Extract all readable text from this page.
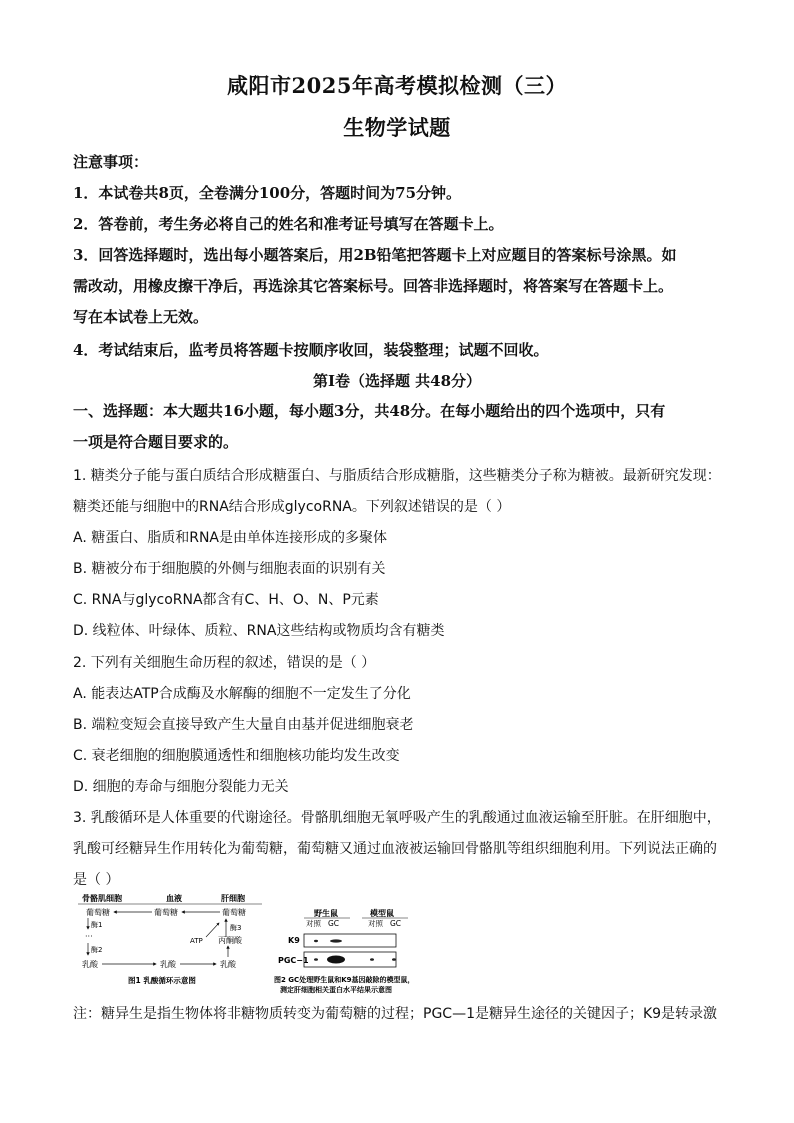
咸阳市2025年高考模拟检测（三）
生物学试题
注意事项：
1．本试卷共8页，全卷满分100分，答题时间为75分钟。
2．答卷前，考生务必将自己的姓名和准考证号填写在答题卡上。
3．回答选择题时，选出每小题答案后，用2B铅笔把答题卡上对应题目的答案标号涂黑。如
需改动，用橡皮擦干净后，再选涂其它答案标号。回答非选择题时，将答案写在答题卡上。
写在本试卷上无效。
4．考试结束后，监考员将答题卡按顺序收回，装袋整理；试题不回收。
第Ⅰ卷（选择题 共48分）
一、选择题：本大题共16小题，每小题3分，共48分。在每小题给出的四个选项中，只有
一项是符合题目要求的。
1. 糖类分子能与蛋白质结合形成糖蛋白、与脂质结合形成糖脂，这些糖类分子称为糖被。最新研究发现：
糖类还能与细胞中的RNA结合形成glycoRNA。下列叙述错误的是（ ）
A. 糖蛋白、脂质和RNA是由单体连接形成的多聚体
B. 糖被分布于细胞膜的外侧与细胞表面的识别有关
C. RNA与glycoRNA都含有C、H、O、N、P元素
D. 线粒体、叶绿体、质粒、RNA这些结构或物质均含有糖类
2. 下列有关细胞生命历程的叙述，错误的是（ ）
A. 能表达ATP合成酶及水解酶的细胞不一定发生了分化
B. 端粒变短会直接导致产生大量自由基并促进细胞衰老
C. 衰老细胞的细胞膜通透性和细胞核功能均发生改变
D. 细胞的寿命与细胞分裂能力无关
3. 乳酸循环是人体重要的代谢途径。骨骼肌细胞无氧呼吸产生的乳酸通过血液运输至肝脏。在肝细胞中，
乳酸可经糖异生作用转化为葡萄糖，葡萄糖又通过血液被运输回骨骼肌等组织细胞利用。下列说法正确的
是（ ）
骨骼肌细胞	血液	肝细胞
葡萄糖	葡萄糖	葡萄糖
酶1
···
酶2
酶3
ATP 丙酮酸
乳酸	乳酸	乳酸
图1 乳酸循环示意图
野生鼠	模型鼠
对照 GC	对照 GC
K9
PGC−1
图2 GC处理野生鼠和K9基因敲除的模型鼠，
测定肝细胞相关蛋白水平结果示意图
注：糖异生是指生物体将非糖物质转变为葡萄糖的过程；PGC—1是糖异生途径的关键因子；K9是转录激
